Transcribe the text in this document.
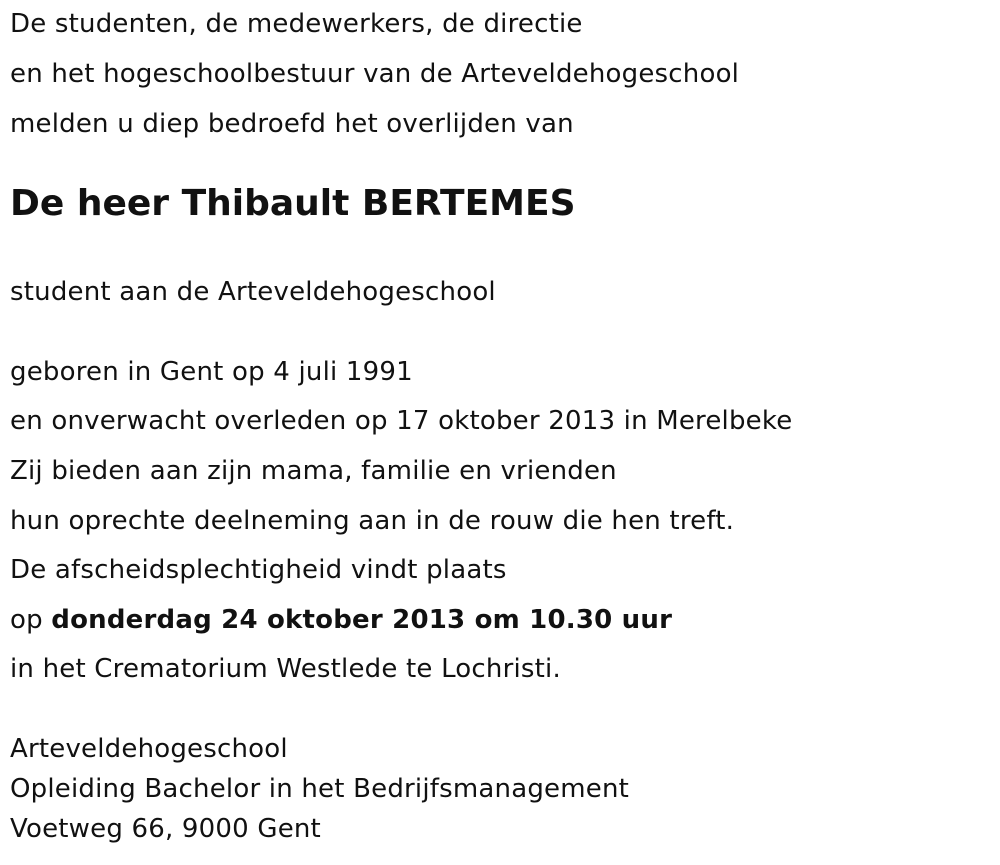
De studenten, de medewerkers, de directie
en het hogeschoolbestuur van de Arteveldehogeschool
melden u diep bedroefd het overlijden van
De heer Thibault BERTEMES
student aan de Arteveldehogeschool
geboren in Gent op 4 juli 1991
en onverwacht overleden op 17 oktober 2013 in Merelbeke
Zij bieden aan zijn mama, familie en vrienden
hun oprechte deelneming aan in de rouw die hen treft.
De afscheidsplechtigheid vindt plaats
op donderdag 24 oktober 2013 om 10.30 uur
in het Crematorium Westlede te Lochristi.
Arteveldehogeschool
Opleiding Bachelor in het Bedrijfsmanagement
Voetweg 66, 9000 Gent
